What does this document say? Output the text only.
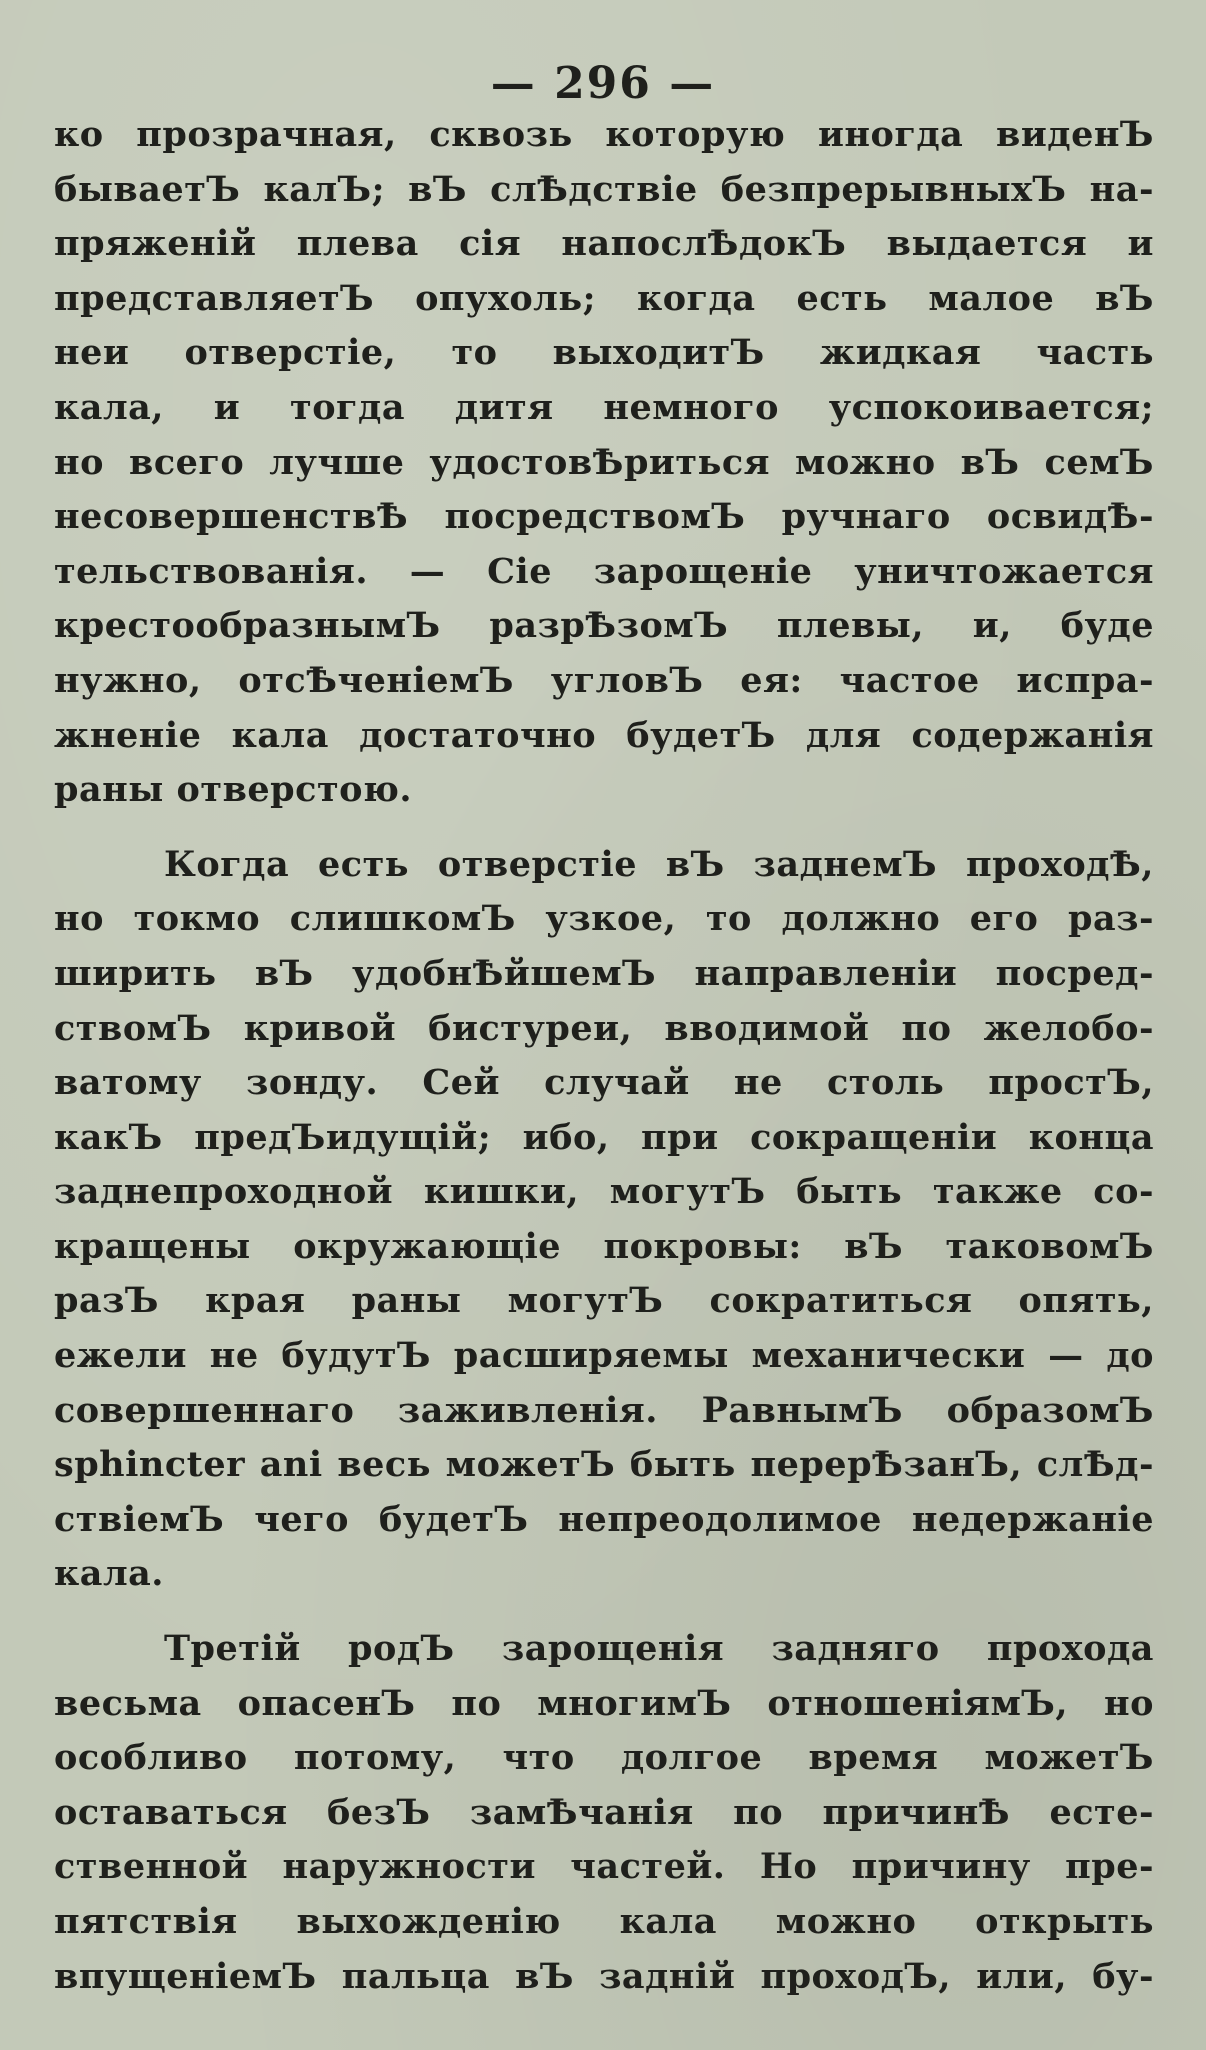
— 296 —
ко прозрачная, сквозь которую иногда виденЪ
бываетЪ калЪ; вЪ слѢдствіе безпрерывныхЪ на-
пряженій плева сія напослѢдокЪ выдается и
представляетЪ опухоль; когда есть малое вЪ
неи отверстіе, то выходитЪ жидкая часть
кала, и тогда дитя немного успокоивается;
но всего лучше удостовѢриться можно вЪ семЪ
несовершенствѢ посредствомЪ ручнаго освидѢ-
тельствованія. — Сіе зарощеніе уничтожается
крестообразнымЪ разрѢзомЪ плевы, и, буде
нужно, отсѢченіемЪ угловЪ ея: частое испра-
жненіе кала достаточно будетЪ для содержанія
раны отверстою.
Когда есть отверстіе вЪ заднемЪ проходѢ,
но токмо слишкомЪ узкое, то должно его раз-
ширить вЪ удобнѢйшемЪ направленіи посред-
ствомЪ кривой бистуреи, вводимой по желобо-
ватому зонду. Сей случай не столь простЪ,
какЪ предЪидущій; ибо, при сокращеніи конца
заднепроходной кишки, могутЪ быть также со-
кращены окружающіе покровы: вЪ таковомЪ
разЪ края раны могутЪ сократиться опять,
ежели не будутЪ расширяемы механически — до
совершеннаго заживленія. РавнымЪ образомЪ
sphincter ani весь можетЪ быть перерѢзанЪ, слѢд-
ствіемЪ чего будетЪ непреодолимое недержаніе
кала.
Третій родЪ зарощенія задняго прохода
весьма опасенЪ по многимЪ отношеніямЪ, но
особливо потому, что долгое время можетЪ
оставаться безЪ замѢчанія по причинѢ есте-
ственной наружности частей. Но причину пре-
пятствія выхожденію кала можно открыть
впущеніемЪ пальца вЪ задній проходЪ, или, бу-
